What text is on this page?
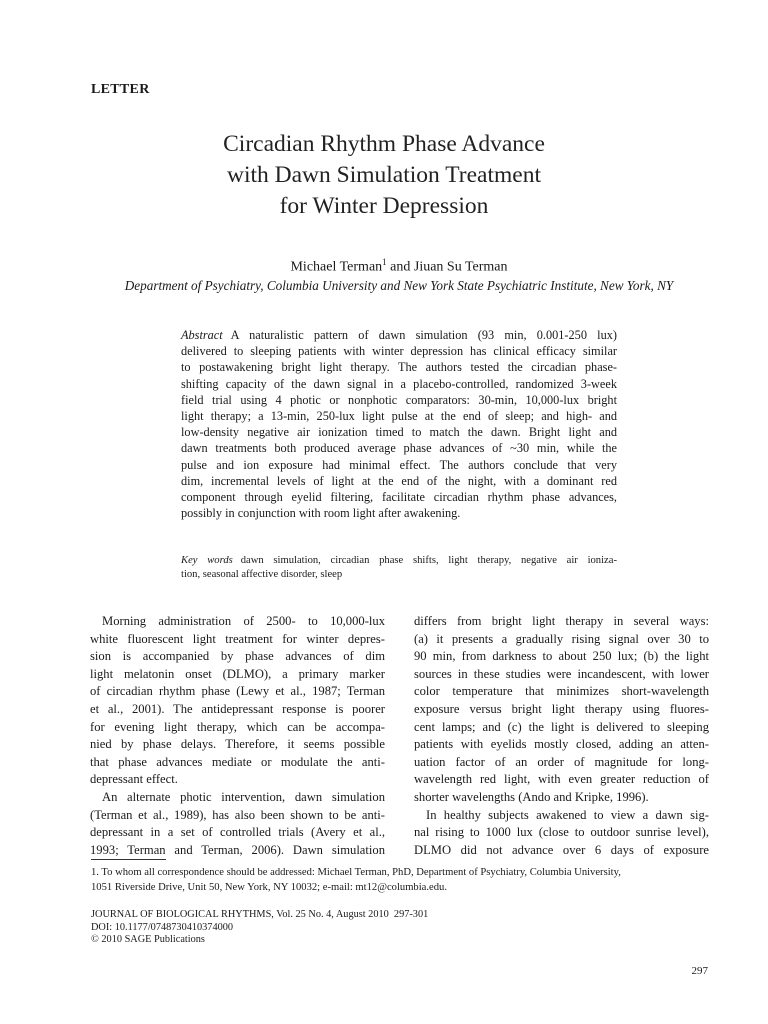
LETTER
Circadian Rhythm Phase Advance
with Dawn Simulation Treatment
for Winter Depression
Michael Terman$^1$ and Jiuan Su Terman
Department of Psychiatry, Columbia University and New York State Psychiatric Institute, New York, NY
Abstract A naturalistic pattern of dawn simulation (93 min, 0.001-250 lux)
delivered to sleeping patients with winter depression has clinical efficacy similar
to postawakening bright light therapy. The authors tested the circadian phase-
shifting capacity of the dawn signal in a placebo-controlled, randomized 3-week
field trial using 4 photic or nonphotic comparators: 30-min, 10,000-lux bright
light therapy; a 13-min, 250-lux light pulse at the end of sleep; and high- and
low-density negative air ionization timed to match the dawn. Bright light and
dawn treatments both produced average phase advances of ~30 min, while the
pulse and ion exposure had minimal effect. The authors conclude that very
dim, incremental levels of light at the end of the night, with a dominant red
component through eyelid filtering, facilitate circadian rhythm phase advances,
possibly in conjunction with room light after awakening.
Key words dawn simulation, circadian phase shifts, light therapy, negative air ioniza-
tion, seasonal affective disorder, sleep
Morning administration of 2500- to 10,000-lux
white fluorescent light treatment for winter depres-
sion is accompanied by phase advances of dim
light melatonin onset (DLMO), a primary marker
of circadian rhythm phase (Lewy et al., 1987; Terman
et al., 2001). The antidepressant response is poorer
for evening light therapy, which can be accompa-
nied by phase delays. Therefore, it seems possible
that phase advances mediate or modulate the anti-
depressant effect.
An alternate photic intervention, dawn simulation
(Terman et al., 1989), has also been shown to be anti-
depressant in a set of controlled trials (Avery et al.,
1993; Terman and Terman, 2006). Dawn simulation
differs from bright light therapy in several ways:
(a) it presents a gradually rising signal over 30 to
90 min, from darkness to about 250 lux; (b) the light
sources in these studies were incandescent, with lower
color temperature that minimizes short-wavelength
exposure versus bright light therapy using fluores-
cent lamps; and (c) the light is delivered to sleeping
patients with eyelids mostly closed, adding an atten-
uation factor of an order of magnitude for long-
wavelength red light, with even greater reduction of
shorter wavelengths (Ando and Kripke, 1996).
In healthy subjects awakened to view a dawn sig-
nal rising to 1000 lux (close to outdoor sunrise level),
DLMO did not advance over 6 days of exposure
1. To whom all correspondence should be addressed: Michael Terman, PhD, Department of Psychiatry, Columbia University,
1051 Riverside Drive, Unit 50, New York, NY 10032; e-mail: mt12@columbia.edu.
JOURNAL OF BIOLOGICAL RHYTHMS, Vol. 25 No. 4, August 2010  297-301
DOI: 10.1177/0748730410374000
© 2010 SAGE Publications
297
